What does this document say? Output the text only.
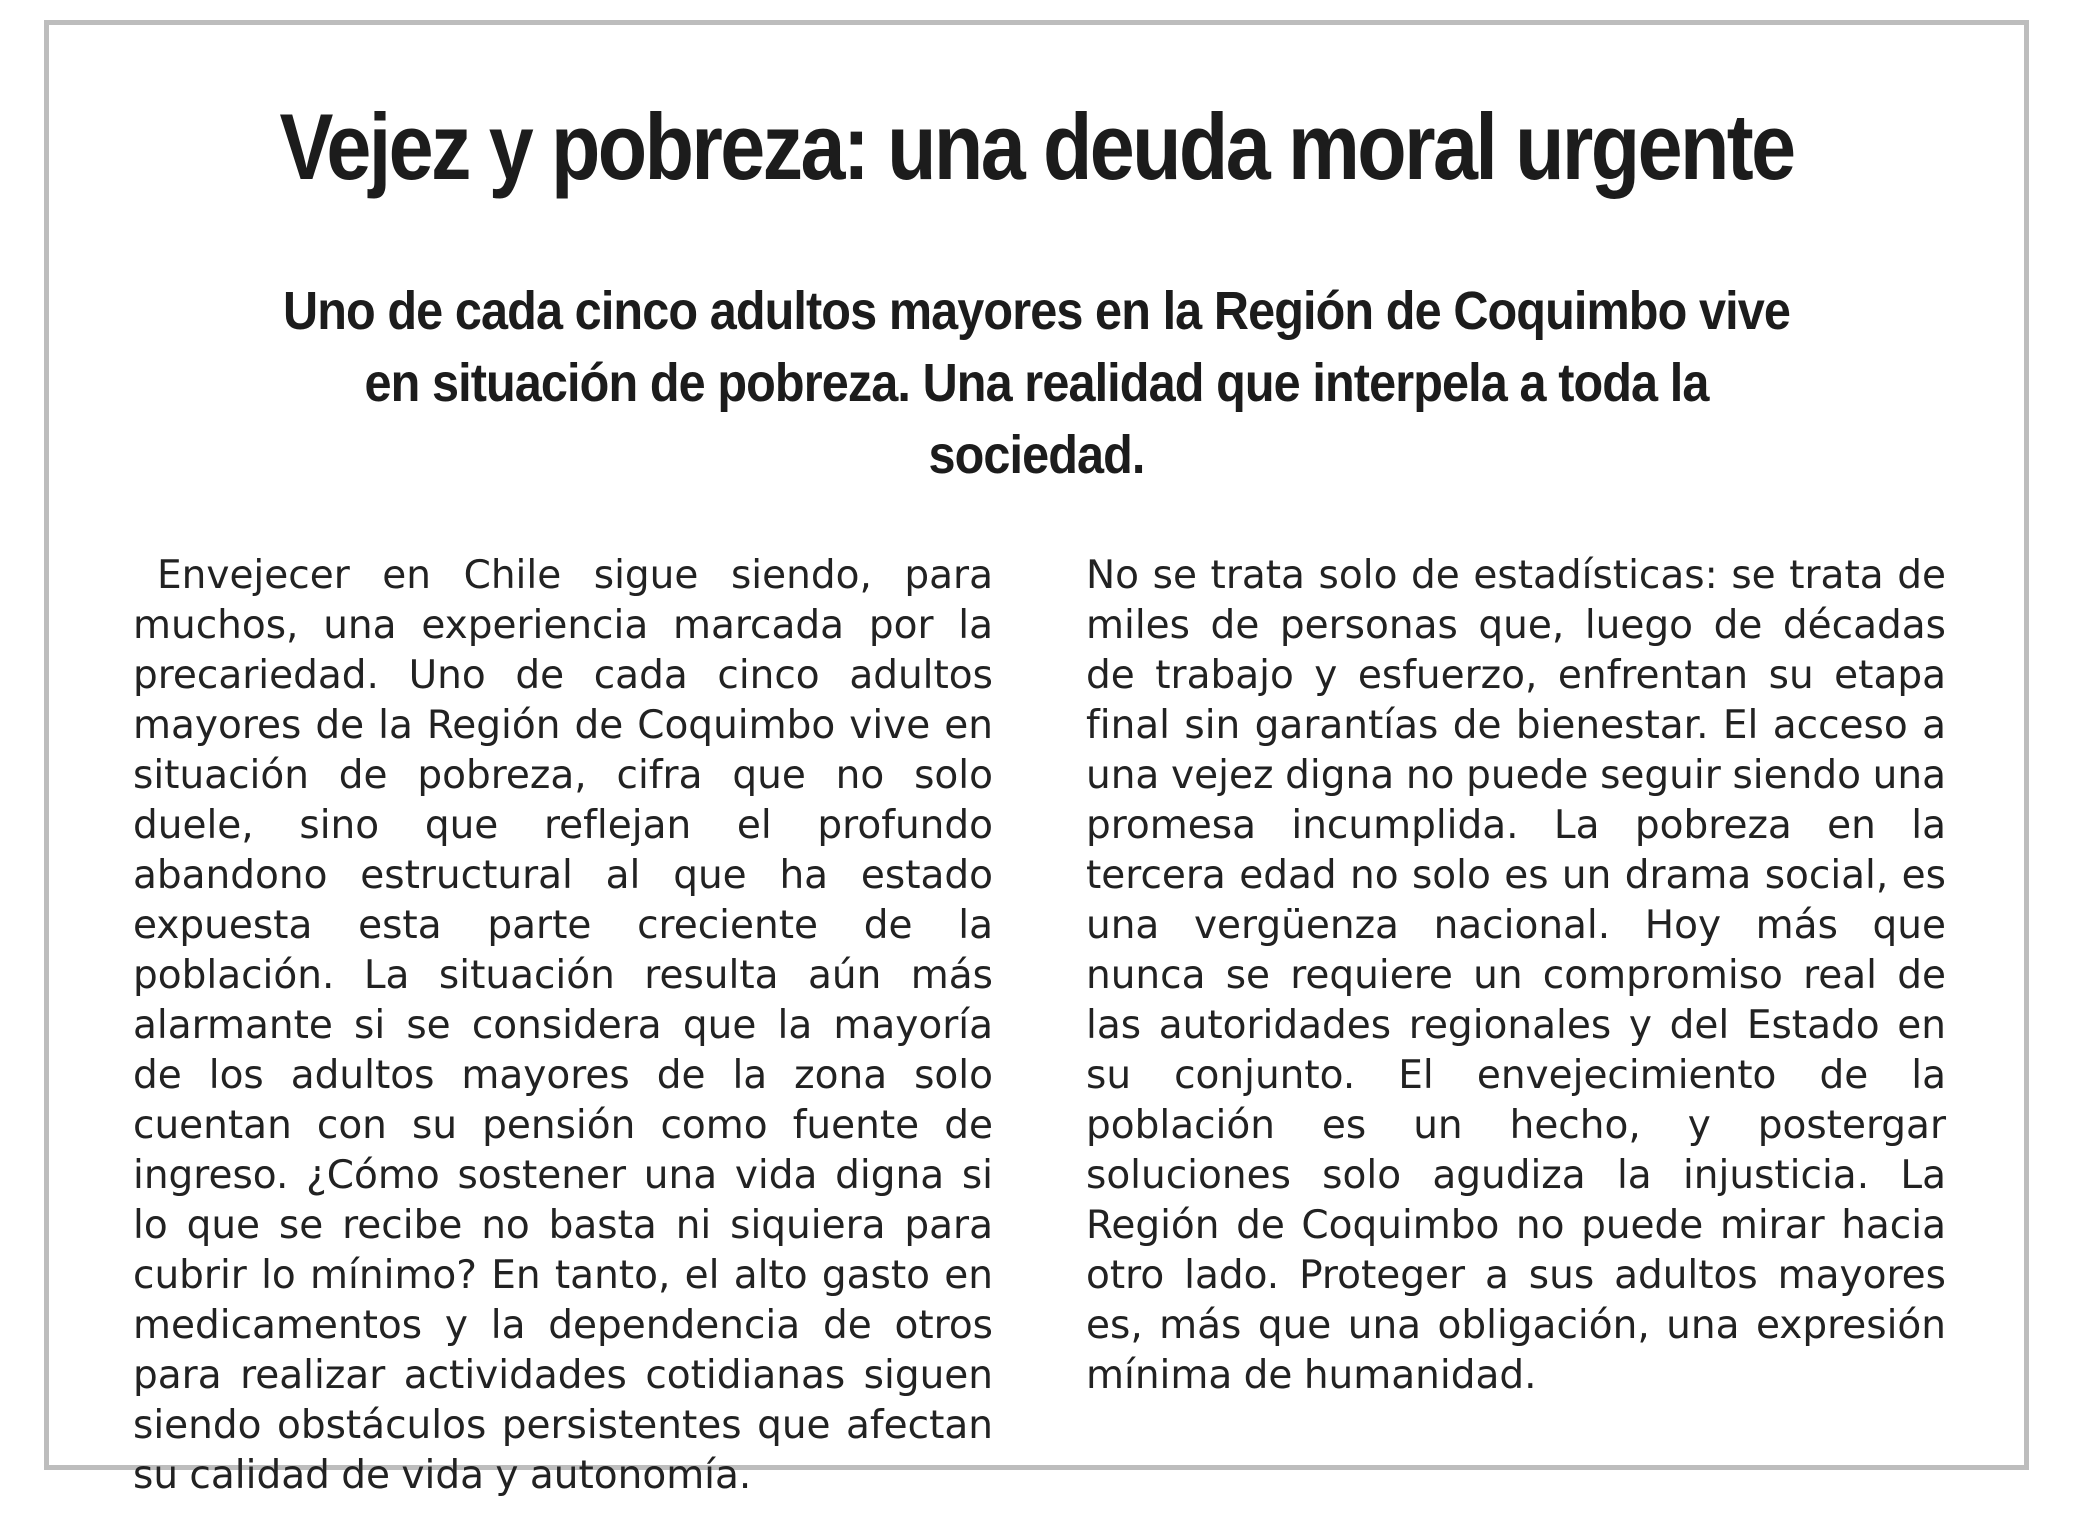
Vejez y pobreza: una deuda moral urgente
Uno de cada cinco adultos mayores en la Región de Coquimbo vive en situación de pobreza. Una realidad que interpela a toda la sociedad.

Envejecer en Chile sigue siendo, para muchos, una experiencia marcada por la precariedad. Uno de cada cinco adultos mayores de la Región de Coquimbo vive en situación de pobreza, cifra que no solo duele, sino que reflejan el profundo abandono estructural al que ha estado expuesta esta parte creciente de la población. La situación resulta aún más alarmante si se considera que la mayoría de los adultos mayores de la zona solo cuentan con su pensión como fuente de ingreso. ¿Cómo sostener una vida digna si lo que se recibe no basta ni siquiera para cubrir lo mínimo? En tanto, el alto gasto en medicamentos y la dependencia de otros para realizar actividades cotidianas siguen siendo obstáculos persistentes que afectan su calidad de vida y autonomía.

No se trata solo de estadísticas: se trata de miles de personas que, luego de décadas de trabajo y esfuerzo, enfrentan su etapa final sin garantías de bienestar. El acceso a una vejez digna no puede seguir siendo una promesa incumplida. La pobreza en la tercera edad no solo es un drama social, es una vergüenza nacional. Hoy más que nunca se requiere un compromiso real de las autoridades regionales y del Estado en su conjunto. El envejecimiento de la población es un hecho, y postergar soluciones solo agudiza la injusticia. La Región de Coquimbo no puede mirar hacia otro lado. Proteger a sus adultos mayores es, más que una obligación, una expresión mínima de humanidad.
